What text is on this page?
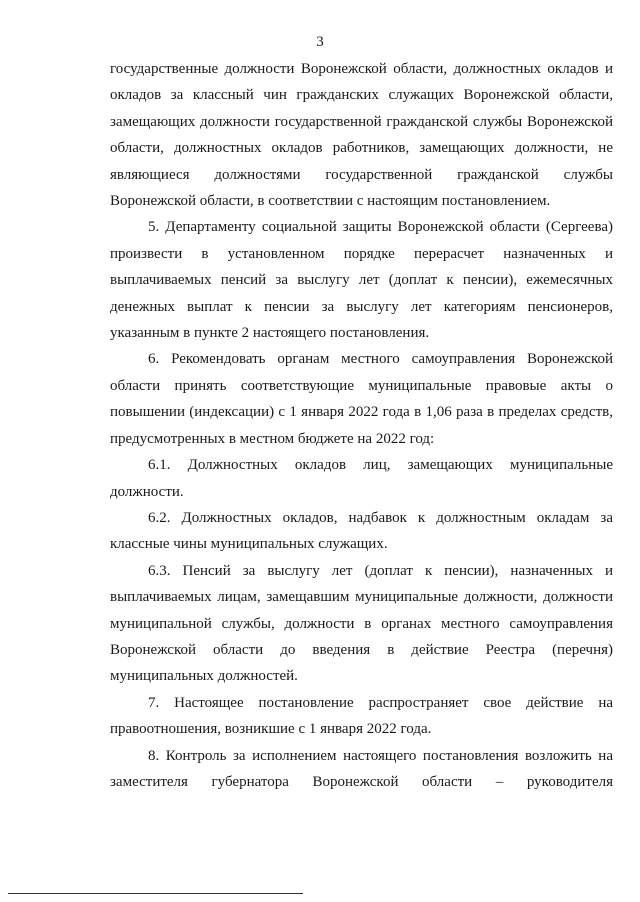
3

государственные должности Воронежской области, должностных окладов и окладов за классный чин гражданских служащих Воронежской области, замещающих должности государственной гражданской службы Воронежской области, должностных окладов работников, замещающих должности, не являющиеся должностями государственной гражданской службы Воронежской области, в соответствии с настоящим постановлением.

5. Департаменту социальной защиты Воронежской области (Сергеева) произвести в установленном порядке перерасчет назначенных и выплачиваемых пенсий за выслугу лет (доплат к пенсии), ежемесячных денежных выплат к пенсии за выслугу лет категориям пенсионеров, указанным в пункте 2 настоящего постановления.

6. Рекомендовать органам местного самоуправления Воронежской области принять соответствующие муниципальные правовые акты о повышении (индексации) с 1 января 2022 года в 1,06 раза в пределах средств, предусмотренных в местном бюджете на 2022 год:

6.1. Должностных окладов лиц, замещающих муниципальные должности.

6.2. Должностных окладов, надбавок к должностным окладам за классные чины муниципальных служащих.

6.3. Пенсий за выслугу лет (доплат к пенсии), назначенных и выплачиваемых лицам, замещавшим муниципальные должности, должности муниципальной службы, должности в органах местного самоуправления Воронежской области до введения в действие Реестра (перечня) муниципальных должностей.

7. Настоящее постановление распространяет свое действие на правоотношения, возникшие с 1 января 2022 года.

8. Контроль за исполнением настоящего постановления возложить на заместителя губернатора Воронежской области – руководителя
